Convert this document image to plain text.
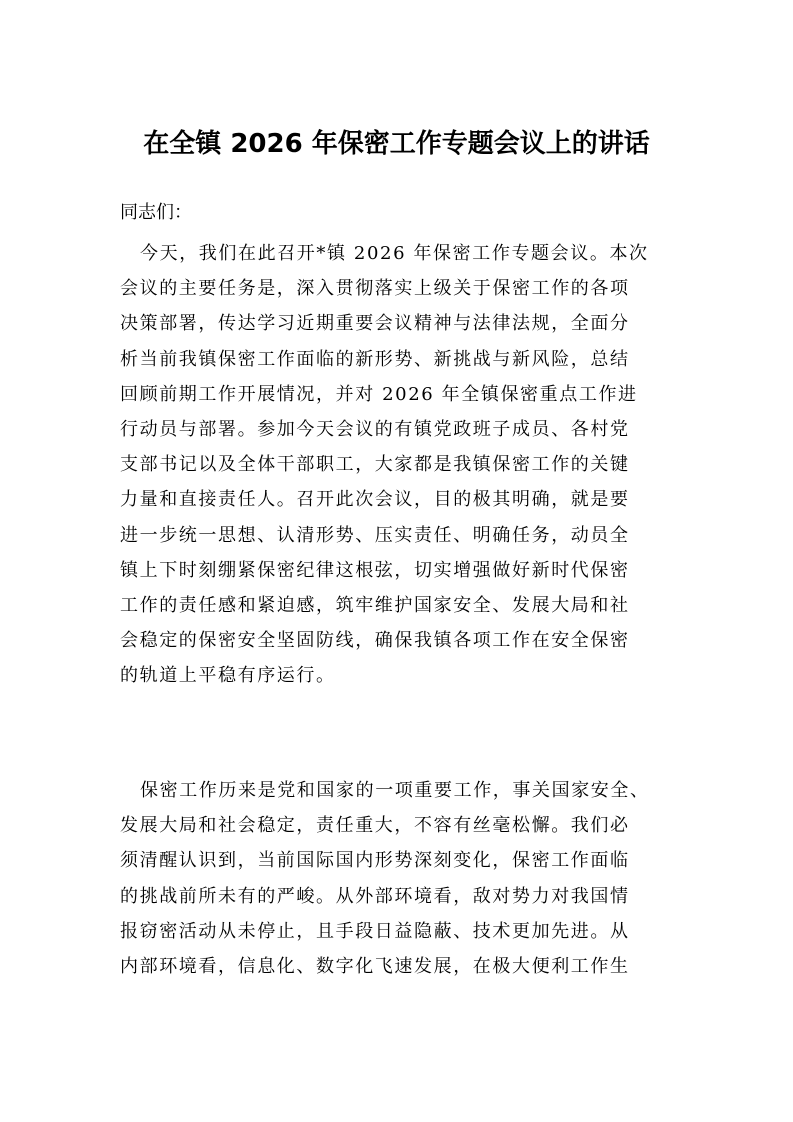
在全镇 2026 年保密工作专题会议上的讲话

同志们：

今天，我们在此召开*镇 2026 年保密工作专题会议。本次
会议的主要任务是，深入贯彻落实上级关于保密工作的各项
决策部署，传达学习近期重要会议精神与法律法规，全面分
析当前我镇保密工作面临的新形势、新挑战与新风险，总结
回顾前期工作开展情况，并对 2026 年全镇保密重点工作进
行动员与部署。参加今天会议的有镇党政班子成员、各村党
支部书记以及全体干部职工，大家都是我镇保密工作的关键
力量和直接责任人。召开此次会议，目的极其明确，就是要
进一步统一思想、认清形势、压实责任、明确任务，动员全
镇上下时刻绷紧保密纪律这根弦，切实增强做好新时代保密
工作的责任感和紧迫感，筑牢维护国家安全、发展大局和社
会稳定的保密安全坚固防线，确保我镇各项工作在安全保密
的轨道上平稳有序运行。
保密工作历来是党和国家的一项重要工作，事关国家安全、
发展大局和社会稳定，责任重大，不容有丝毫松懈。我们必
须清醒认识到，当前国际国内形势深刻变化，保密工作面临
的挑战前所未有的严峻。从外部环境看，敌对势力对我国情
报窃密活动从未停止，且手段日益隐蔽、技术更加先进。从
内部环境看，信息化、数字化飞速发展，在极大便利工作生
